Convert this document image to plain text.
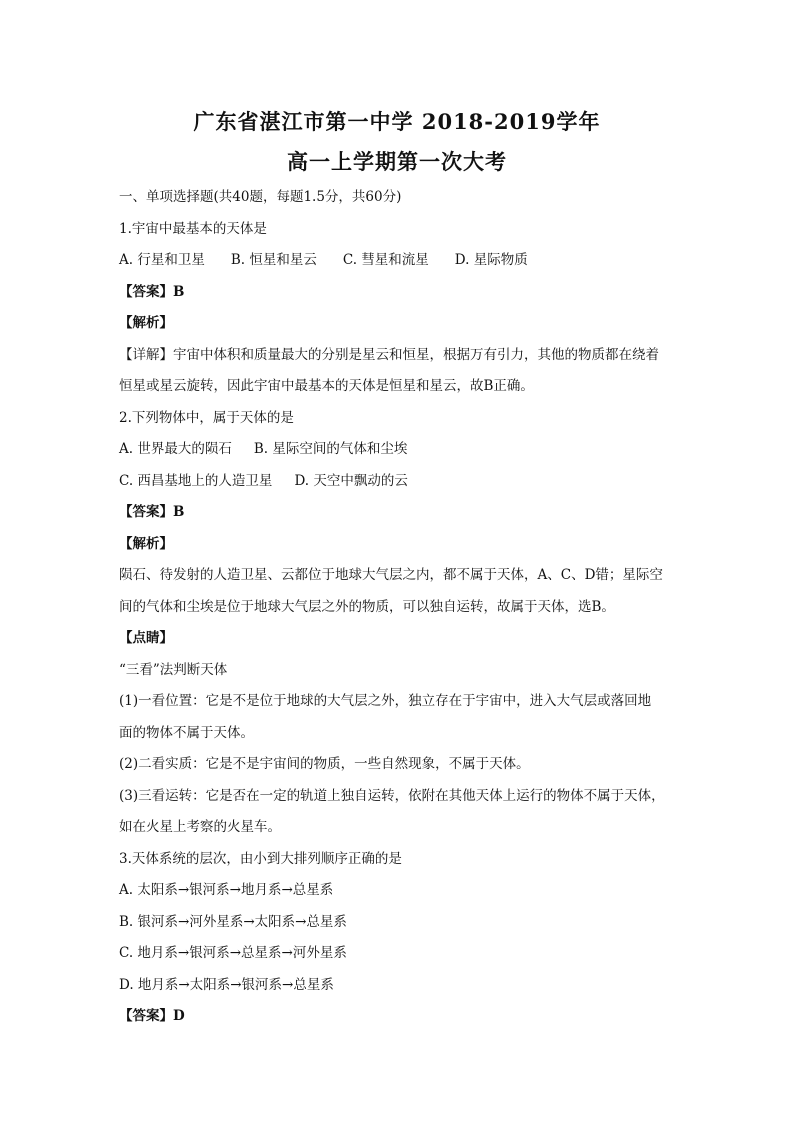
广东省湛江市第一中学 2018-2019学年
高一上学期第一次大考
一、单项选择题(共40题，每题1.5分，共60分)
1.宇宙中最基本的天体是
A. 行星和卫星 B. 恒星和星云 C. 彗星和流星 D. 星际物质
【答案】B
【解析】
【详解】宇宙中体积和质量最大的分别是星云和恒星，根据万有引力，其他的物质都在绕着
恒星或星云旋转，因此宇宙中最基本的天体是恒星和星云，故B正确。
2.下列物体中，属于天体的是
A. 世界最大的陨石 B. 星际空间的气体和尘埃
C. 西昌基地上的人造卫星 D. 天空中飘动的云
【答案】B
【解析】
陨石、待发射的人造卫星、云都位于地球大气层之内，都不属于天体，A、C、D错；星际空
间的气体和尘埃是位于地球大气层之外的物质，可以独自运转，故属于天体，选B。
【点睛】
“三看”法判断天体
(1)一看位置：它是不是位于地球的大气层之外，独立存在于宇宙中，进入大气层或落回地
面的物体不属于天体。
(2)二看实质：它是不是宇宙间的物质，一些自然现象，不属于天体。
(3)三看运转：它是否在一定的轨道上独自运转，依附在其他天体上运行的物体不属于天体，
如在火星上考察的火星车。
3.天体系统的层次，由小到大排列顺序正确的是
A. 太阳系→银河系→地月系→总星系
B. 银河系→河外星系→太阳系→总星系
C. 地月系→银河系→总星系→河外星系
D. 地月系→太阳系→银河系→总星系
【答案】D
